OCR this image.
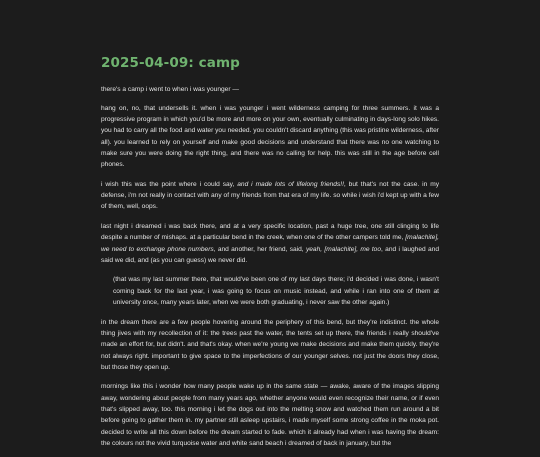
2025-04-09: camp

there's a camp i went to when i was younger —

hang on, no, that undersells it. when i was younger i went wilderness camping for three summers. it was a progressive program in which you'd be more and more on your own, eventually culminating in days-long solo hikes. you had to carry all the food and water you needed. you couldn't discard anything (this was pristine wilderness, after all). you learned to rely on yourself and make good decisions and understand that there was no one watching to make sure you were doing the right thing, and there was no calling for help. this was still in the age before cell phones.

i wish this was the point where i could say, and i made lots of lifelong friends!!, but that's not the case. in my defense, i'm not really in contact with any of my friends from that era of my life. so while i wish i'd kept up with a few of them, well, oops.

last night i dreamed i was back there, and at a very specific location, past a huge tree, one still clinging to life despite a number of mishaps. at a particular bend in the creek, when one of the other campers told me, [malachite], we need to exchange phone numbers, and another, her friend, said, yeah, [malachite], me too, and i laughed and said we did, and (as you can guess) we never did.

(that was my last summer there, that would've been one of my last days there; i'd decided i was done, i wasn't coming back for the last year, i was going to focus on music instead, and while i ran into one of them at university once, many years later, when we were both graduating, i never saw the other again.)

in the dream there are a few people hovering around the periphery of this bend, but they're indistinct. the whole thing jives with my recollection of it: the trees past the water, the tents set up there, the friends i really should've made an effort for, but didn't. and that's okay. when we're young we make decisions and make them quickly. they're not always right. important to give space to the imperfections of our younger selves. not just the doors they close, but those they open up.

mornings like this i wonder how many people wake up in the same state — awake, aware of the images slipping away, wondering about people from many years ago, whether anyone would even recognize their name, or if even that's slipped away, too. this morning i let the dogs out into the melting snow and watched them run around a bit before going to gather them in. my partner still asleep upstairs, i made myself some strong coffee in the moka pot. decided to write all this down before the dream started to fade. which it already had when i was having the dream: the colours not the vivid turquoise water and white sand beach i dreamed of back in january, but the
